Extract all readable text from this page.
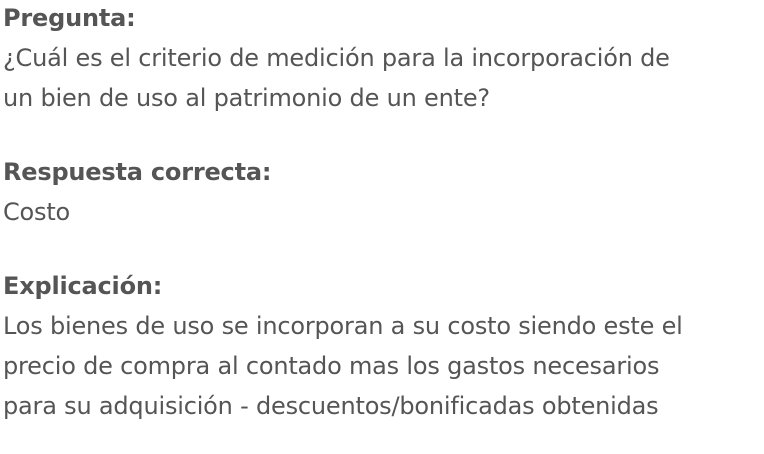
Pregunta:
¿Cuál es el criterio de medición para la incorporación de
un bien de uso al patrimonio de un ente?
Respuesta correcta:
Costo
Explicación:
Los bienes de uso se incorporan a su costo siendo este el
precio de compra al contado mas los gastos necesarios
para su adquisición - descuentos/bonificadas obtenidas
